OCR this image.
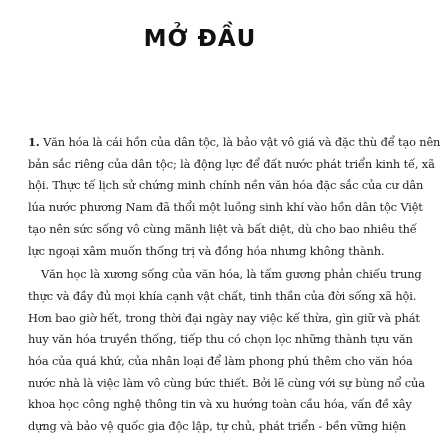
MỞ ĐẦU

1. Văn hóa là cái hồn của dân tộc, là bảo vật vô giá và đặc thù để tạo nên
bản sắc riêng của dân tộc; là động lực để đất nước phát triển kinh tế, xã
hội. Thực tế lịch sử chứng minh chính nền văn hóa đặc sắc của cư dân
lúa nước phương Nam đã thổi một luồng sinh khí vào hồn dân tộc Việt
tạo nên sức sống vô cùng mãnh liệt và bất diệt, dù cho bao nhiêu thế
lực ngoại xâm muốn thống trị và đồng hóa nhưng không thành.

Văn học là xương sống của văn hóa, là tấm gương phản chiếu trung
thực và đầy đủ mọi khía cạnh vật chất, tinh thần của đời sống xã hội.
Hơn bao giờ hết, trong thời đại ngày nay việc kế thừa, gìn giữ và phát
huy văn hóa truyền thống, tiếp thu có chọn lọc những thành tựu văn
hóa của quá khứ, của nhân loại để làm phong phú thêm cho văn hóa
nước nhà là việc làm vô cùng bức thiết. Bởi lẽ cùng với sự bùng nổ của
khoa học công nghệ thông tin và xu hướng toàn cầu hóa, vấn đề xây
dựng và bảo vệ quốc gia độc lập, tự chủ, phát triển - bền vững hiện
